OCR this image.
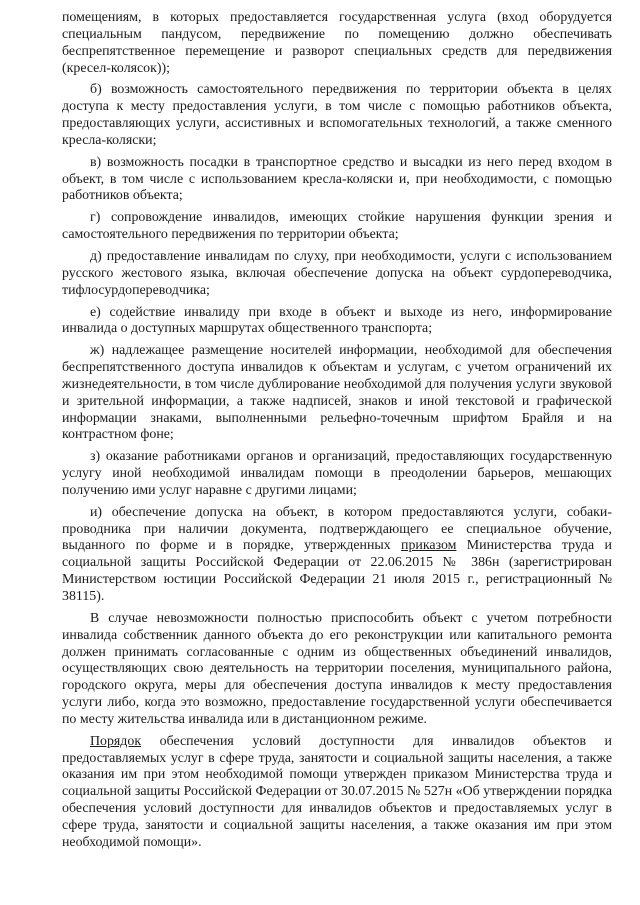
помещениям, в которых предоставляется государственная услуга (вход оборудуется специальным пандусом, передвижение по помещению должно обеспечивать беспрепятственное перемещение и разворот специальных средств для передвижения (кресел-колясок));

б) возможность самостоятельного передвижения по территории объекта в целях доступа к месту предоставления услуги, в том числе с помощью работников объекта, предоставляющих услуги, ассистивных и вспомогательных технологий, а также сменного кресла-коляски;

в) возможность посадки в транспортное средство и высадки из него перед входом в объект, в том числе с использованием кресла-коляски и, при необходимости, с помощью работников объекта;

г) сопровождение инвалидов, имеющих стойкие нарушения функции зрения и самостоятельного передвижения по территории объекта;

д) предоставление инвалидам по слуху, при необходимости, услуги с использованием русского жестового языка, включая обеспечение допуска на объект сурдопереводчика, тифлосурдопереводчика;

е) содействие инвалиду при входе в объект и выходе из него, информирование инвалида о доступных маршрутах общественного транспорта;

ж) надлежащее размещение носителей информации, необходимой для обеспечения беспрепятственного доступа инвалидов к объектам и услугам, с учетом ограничений их жизнедеятельности, в том числе дублирование необходимой для получения услуги звуковой и зрительной информации, а также надписей, знаков и иной текстовой и графической информации знаками, выполненными рельефно-точечным шрифтом Брайля и на контрастном фоне;

з) оказание работниками органов и организаций, предоставляющих государственную услугу иной необходимой инвалидам помощи в преодолении барьеров, мешающих получению ими услуг наравне с другими лицами;

и) обеспечение допуска на объект, в котором предоставляются услуги, собаки-проводника при наличии документа, подтверждающего ее специальное обучение, выданного по форме и в порядке, утвержденных приказом Министерства труда и социальной защиты Российской Федерации от 22.06.2015 № 386н (зарегистрирован Министерством юстиции Российской Федерации 21 июля 2015 г., регистрационный № 38115).

В случае невозможности полностью приспособить объект с учетом потребности инвалида собственник данного объекта до его реконструкции или капитального ремонта должен принимать согласованные с одним из общественных объединений инвалидов, осуществляющих свою деятельность на территории поселения, муниципального района, городского округа, меры для обеспечения доступа инвалидов к месту предоставления услуги либо, когда это возможно, предоставление государственной услуги обеспечивается по месту жительства инвалида или в дистанционном режиме.

Порядок обеспечения условий доступности для инвалидов объектов и предоставляемых услуг в сфере труда, занятости и социальной защиты населения, а также оказания им при этом необходимой помощи утвержден приказом Министерства труда и социальной защиты Российской Федерации от 30.07.2015 № 527н «Об утверждении порядка обеспечения условий доступности для инвалидов объектов и предоставляемых услуг в сфере труда, занятости и социальной защиты населения, а также оказания им при этом необходимой помощи».
